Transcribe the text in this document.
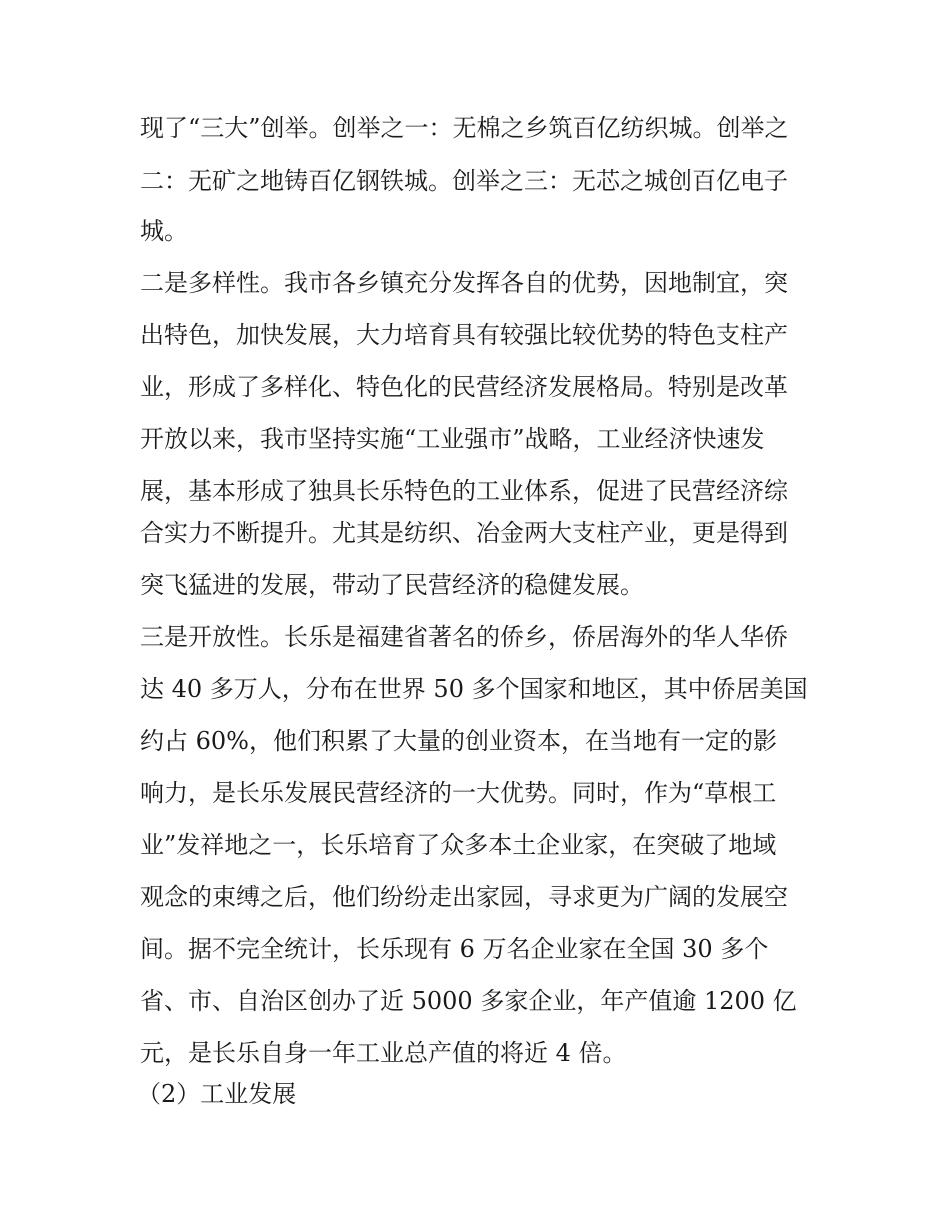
现了“三大”创举。创举之一：无棉之乡筑百亿纺织城。创举之
二：无矿之地铸百亿钢铁城。创举之三：无芯之城创百亿电子
城。
二是多样性。我市各乡镇充分发挥各自的优势，因地制宜，突
出特色，加快发展，大力培育具有较强比较优势的特色支柱产
业，形成了多样化、特色化的民营经济发展格局。特别是改革
开放以来，我市坚持实施“工业强市”战略，工业经济快速发
展，基本形成了独具长乐特色的工业体系，促进了民营经济综
合实力不断提升。尤其是纺织、冶金两大支柱产业，更是得到
突飞猛进的发展，带动了民营经济的稳健发展。
三是开放性。长乐是福建省著名的侨乡，侨居海外的华人华侨
达 40 多万人，分布在世界 50 多个国家和地区，其中侨居美国
约占 60%，他们积累了大量的创业资本，在当地有一定的影
响力，是长乐发展民营经济的一大优势。同时，作为“草根工
业”发祥地之一，长乐培育了众多本土企业家，在突破了地域
观念的束缚之后，他们纷纷走出家园，寻求更为广阔的发展空
间。据不完全统计，长乐现有 6 万名企业家在全国 30 多个
省、市、自治区创办了近 5000 多家企业，年产值逾 1200 亿
元，是长乐自身一年工业总产值的将近 4 倍。
（2）工业发展
